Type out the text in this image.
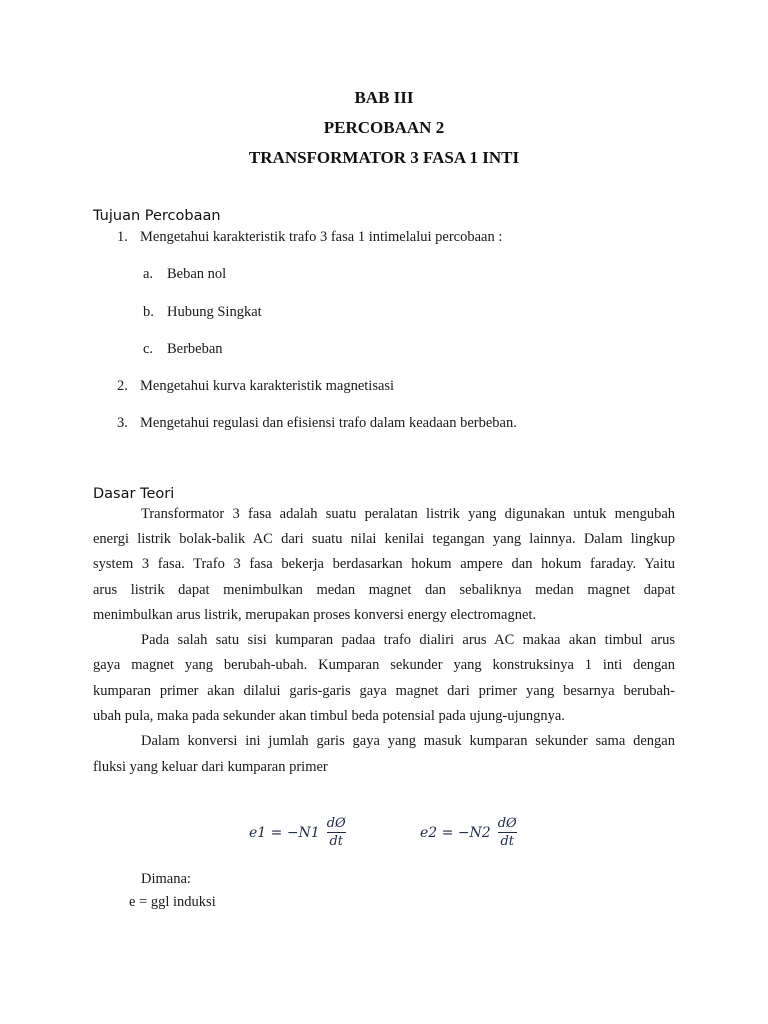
BAB III
PERCOBAAN 2
TRANSFORMATOR 3 FASA 1 INTI
Tujuan Percobaan
1. Mengetahui karakteristik trafo 3 fasa 1 intimelalui percobaan :
a. Beban nol
b. Hubung Singkat
c. Berbeban
2. Mengetahui kurva karakteristik magnetisasi
3. Mengetahui regulasi dan efisiensi trafo dalam keadaan berbeban.
Dasar Teori
Transformator 3 fasa adalah suatu peralatan listrik yang digunakan untuk mengubah
energi listrik bolak-balik AC dari suatu nilai kenilai tegangan yang lainnya. Dalam lingkup
system 3 fasa. Trafo 3 fasa bekerja berdasarkan hokum ampere dan hokum faraday. Yaitu
arus listrik dapat menimbulkan medan magnet dan sebaliknya medan magnet dapat
menimbulkan arus listrik, merupakan proses konversi energy electromagnet.
Pada salah satu sisi kumparan padaa trafo dialiri arus AC makaa akan timbul arus
gaya magnet yang berubah-ubah. Kumparan sekunder yang konstruksinya 1 inti dengan
kumparan primer akan dilalui garis-garis gaya magnet dari primer yang besarnya berubah-
ubah pula, maka pada sekunder akan timbul beda potensial pada ujung-ujungnya.
Dalam konversi ini jumlah garis gaya yang masuk kumparan sekunder sama dengan
fluksi yang keluar dari kumparan primer
$e1 = -N1 \frac{dØ}{dt}$	$e2 = -N2 \frac{dØ}{dt}$
Dimana:
e = ggl induksi
